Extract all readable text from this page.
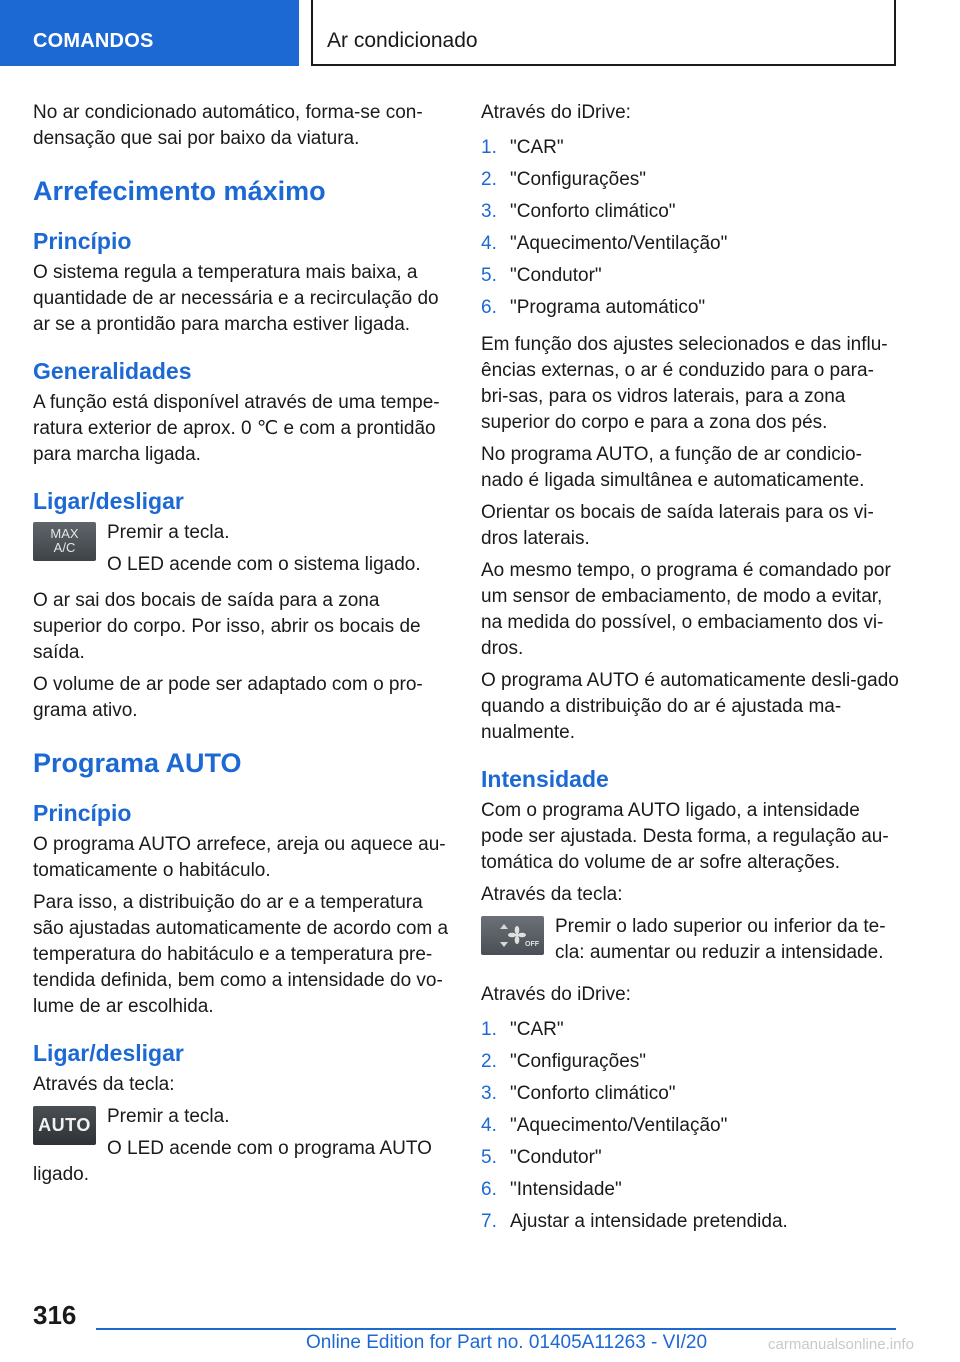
COMANDOS	Ar condicionado

No ar condicionado automático, forma-se con-densação que sai por baixo da viatura.

Arrefecimento máximo
Princípio

O sistema regula a temperatura mais baixa, a quantidade de ar necessária e a recirculação do ar se a prontidão para marcha estiver ligada.

Generalidades

A função está disponível através de uma tempe-ratura exterior de aprox. 0 ℃ e com a prontidão para marcha ligada.

Ligar/desligar
MAX A/C

Premir a tecla.

O LED acende com o sistema ligado.

O ar sai dos bocais de saída para a zona superior do corpo. Por isso, abrir os bocais de saída.

O volume de ar pode ser adaptado com o pro-grama ativo.

Programa AUTO
Princípio

O programa AUTO arrefece, areja ou aquece au-tomaticamente o habitáculo.

Para isso, a distribuição do ar e a temperatura são ajustadas automaticamente de acordo com a temperatura do habitáculo e a temperatura pre-tendida definida, bem como a intensidade do vo-lume de ar escolhida.

Ligar/desligar

Através da tecla:

AUTO Premir a tecla.

O LED acende com o programa AUTO ligado.

Através do iDrive:

1. "CAR"
2. "Configurações"
3. "Conforto climático"
4. "Aquecimento/Ventilação"
5. "Condutor"
6. "Programa automático"

Em função dos ajustes selecionados e das influ-ências externas, o ar é conduzido para o para-bri-sas, para os vidros laterais, para a zona superior do corpo e para a zona dos pés.

No programa AUTO, a função de ar condicio-nado é ligada simultânea e automaticamente.

Orientar os bocais de saída laterais para os vi-dros laterais.

Ao mesmo tempo, o programa é comandado por um sensor de embaciamento, de modo a evitar, na medida do possível, o embaciamento dos vi-dros.

O programa AUTO é automaticamente desli-gado quando a distribuição do ar é ajustada ma-nualmente.

Intensidade

Com o programa AUTO ligado, a intensidade pode ser ajustada. Desta forma, a regulação au-tomática do volume de ar sofre alterações.

Através da tecla:

OFF

Premir o lado superior ou inferior da te-cla: aumentar ou reduzir a intensidade.

Através do iDrive:

1. "CAR"
2. "Configurações"
3. "Conforto climático"
4. "Aquecimento/Ventilação"
5. "Condutor"
6. "Intensidade"
7. Ajustar a intensidade pretendida.
316
Online Edition for Part no. 01405A11263 - VI/20	carmanualsonline.info
